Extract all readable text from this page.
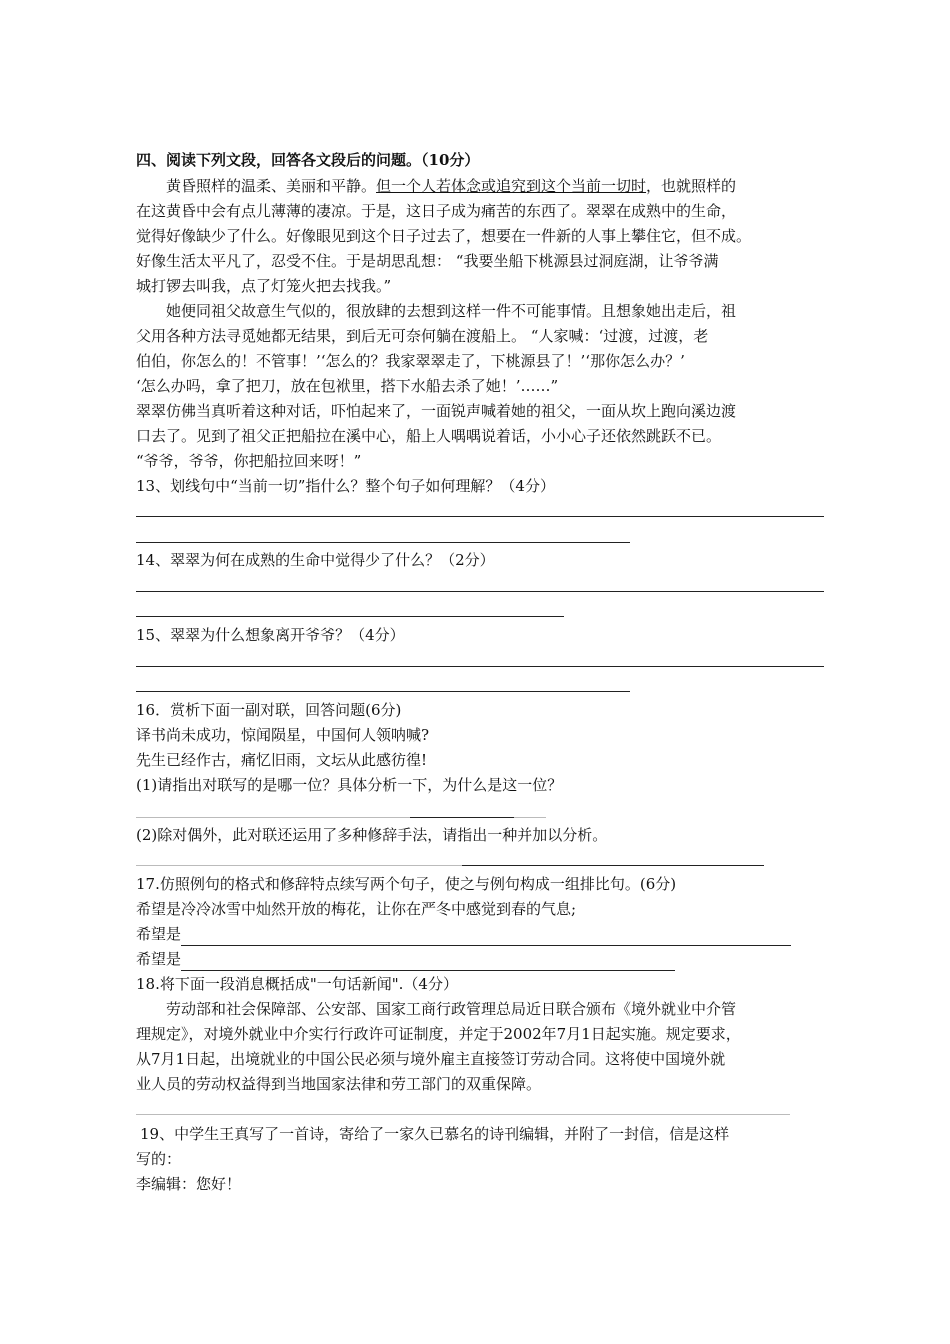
四、阅读下列文段，回答各文段后的问题。（10分）
黄昏照样的温柔、美丽和平静。但一个人若体念或追究到这个当前一切时，也就照样的
在这黄昏中会有点儿薄薄的凄凉。于是，这日子成为痛苦的东西了。翠翠在成熟中的生命，
觉得好像缺少了什么。好像眼见到这个日子过去了，想要在一件新的人事上攀住它，但不成。
好像生活太平凡了，忍受不住。于是胡思乱想： “我要坐船下桃源县过洞庭湖，让爷爷满
城打锣去叫我，点了灯笼火把去找我。”
她便同祖父故意生气似的，很放肆的去想到这样一件不可能事情。且想象她出走后，祖
父用各种方法寻觅她都无结果，到后无可奈何躺在渡船上。 “人家喊：‘过渡，过渡，老
伯伯，你怎么的！不管事！’‘怎么的？我家翠翠走了，下桃源县了！’‘那你怎么办？’
‘怎么办吗，拿了把刀，放在包袱里，搭下水船去杀了她！’……”
翠翠仿佛当真听着这种对话，吓怕起来了，一面锐声喊着她的祖父，一面从坎上跑向溪边渡
口去了。见到了祖父正把船拉在溪中心，船上人喁喁说着话，小小心子还依然跳跃不已。
“爷爷，爷爷，你把船拉回来呀！”
13、划线句中“当前一切”指什么？整个句子如何理解？（4分）
14、翠翠为何在成熟的生命中觉得少了什么？（2分）
15、翠翠为什么想象离开爷爷？（4分）
16．赏析下面一副对联，回答问题(6分)
译书尚未成功，惊闻陨星，中国何人领呐喊?
先生已经作古，痛忆旧雨，文坛从此感彷徨!
(1)请指出对联写的是哪一位？具体分析一下，为什么是这一位？
(2)除对偶外，此对联还运用了多种修辞手法，请指出一种并加以分析。
17.仿照例句的格式和修辞特点续写两个句子，使之与例句构成一组排比句。(6分)
希望是冷冷冰雪中灿然开放的梅花，让你在严冬中感觉到春的气息;
希望是
希望是
18.将下面一段消息概括成"一句话新闻".（4分）
劳动部和社会保障部、公安部、国家工商行政管理总局近日联合颁布《境外就业中介管
理规定》，对境外就业中介实行行政许可证制度，并定于2002年7月1日起实施。规定要求，
从7月1日起，出境就业的中国公民必须与境外雇主直接签订劳动合同。这将使中国境外就
业人员的劳动权益得到当地国家法律和劳工部门的双重保障。
19、中学生王真写了一首诗，寄给了一家久已慕名的诗刊编辑，并附了一封信，信是这样
写的：
李编辑：您好！
